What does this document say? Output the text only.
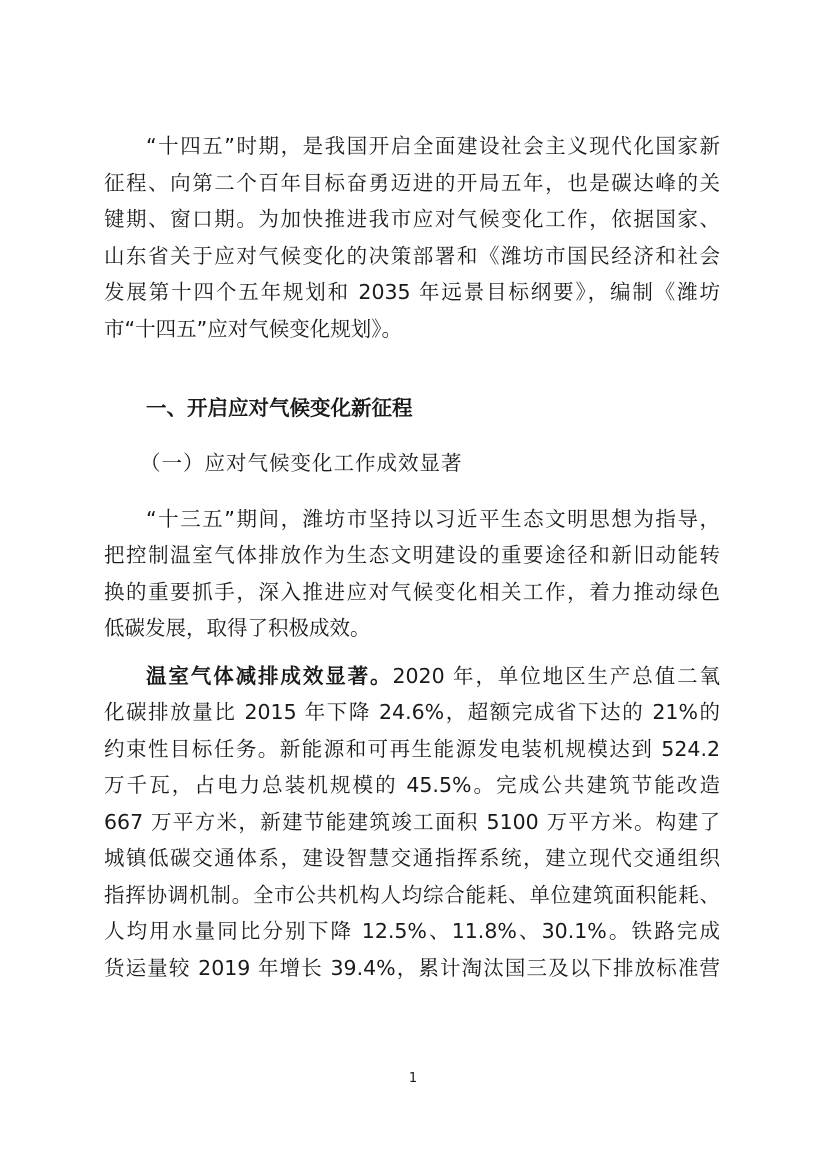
“十四五”时期，是我国开启全面建设社会主义现代化国家新
征程、向第二个百年目标奋勇迈进的开局五年，也是碳达峰的关
键期、窗口期。为加快推进我市应对气候变化工作，依据国家、
山东省关于应对气候变化的决策部署和《潍坊市国民经济和社会
发展第十四个五年规划和 2035 年远景目标纲要》，编制《潍坊
市“十四五”应对气候变化规划》。
一、开启应对气候变化新征程
（一）应对气候变化工作成效显著
“十三五”期间，潍坊市坚持以习近平生态文明思想为指导，
把控制温室气体排放作为生态文明建设的重要途径和新旧动能转
换的重要抓手，深入推进应对气候变化相关工作，着力推动绿色
低碳发展，取得了积极成效。
温室气体减排成效显著。2020 年，单位地区生产总值二氧
化碳排放量比 2015 年下降 24.6%，超额完成省下达的 21%的
约束性目标任务。新能源和可再生能源发电装机规模达到 524.2
万千瓦，占电力总装机规模的 45.5%。完成公共建筑节能改造
667 万平方米，新建节能建筑竣工面积 5100 万平方米。构建了
城镇低碳交通体系，建设智慧交通指挥系统，建立现代交通组织
指挥协调机制。全市公共机构人均综合能耗、单位建筑面积能耗、
人均用水量同比分别下降 12.5%、11.8%、30.1%。铁路完成
货运量较 2019 年增长 39.4%，累计淘汰国三及以下排放标准营
1
